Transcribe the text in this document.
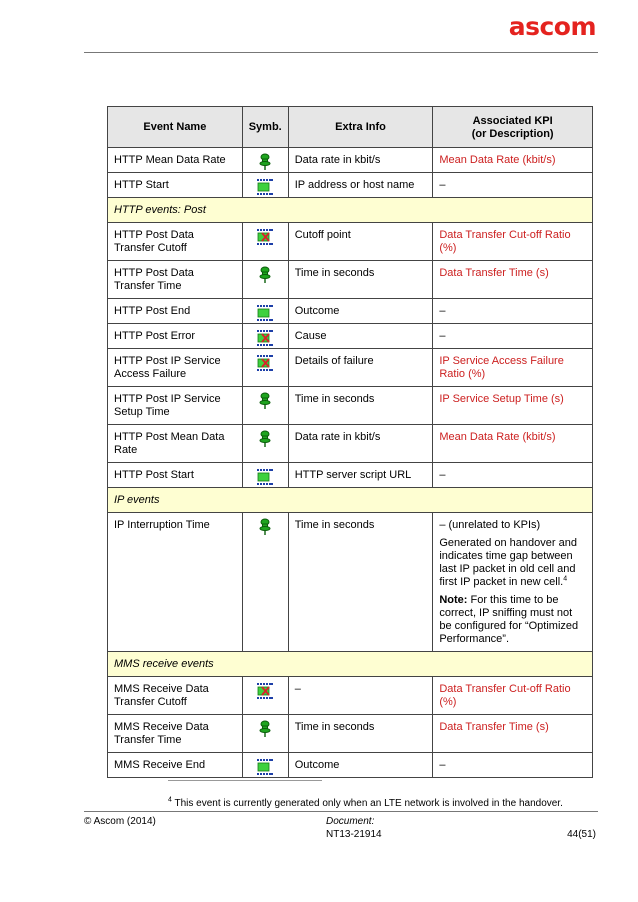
ascom
Event Name	Symb.	Extra Info	Associated KPI
(or Description)

HTTP Mean Data Rate		Data rate in kbit/s	Mean Data Rate (kbit/s)
HTTP Start		IP address or host name	–
HTTP events: Post			
HTTP Post Data Transfer Cutoff		Cutoff point	Data Transfer Cut-off Ratio (%)
HTTP Post Data Transfer Time		Time in seconds	Data Transfer Time (s)
HTTP Post End		Outcome	–
HTTP Post Error		Cause	–
HTTP Post IP Service Access Failure		Details of failure	IP Service Access Failure Ratio (%)
HTTP Post IP Service Setup Time		Time in seconds	IP Service Setup Time (s)
HTTP Post Mean Data Rate		Data rate in kbit/s	Mean Data Rate (kbit/s)
HTTP Post Start		HTTP server script URL	–
IP events			
IP Interruption Time		Time in seconds	– (unrelated to KPIs)
Generated on handover and indicates time gap between last IP packet in old cell and first IP packet in new cell.$^4$
Note: For this time to be correct, IP sniffing must not be configured for “Optimized Performance”.

MMS receive events			
MMS Receive Data Transfer Cutoff		–	Data Transfer Cut-off Ratio (%)
MMS Receive Data Transfer Time		Time in seconds	Data Transfer Time (s)
MMS Receive End		Outcome	–
$^4$ This event is currently generated only when an LTE network is involved in the handover.
© Ascom (2014)	Document:
NT13-21914	44(51)
